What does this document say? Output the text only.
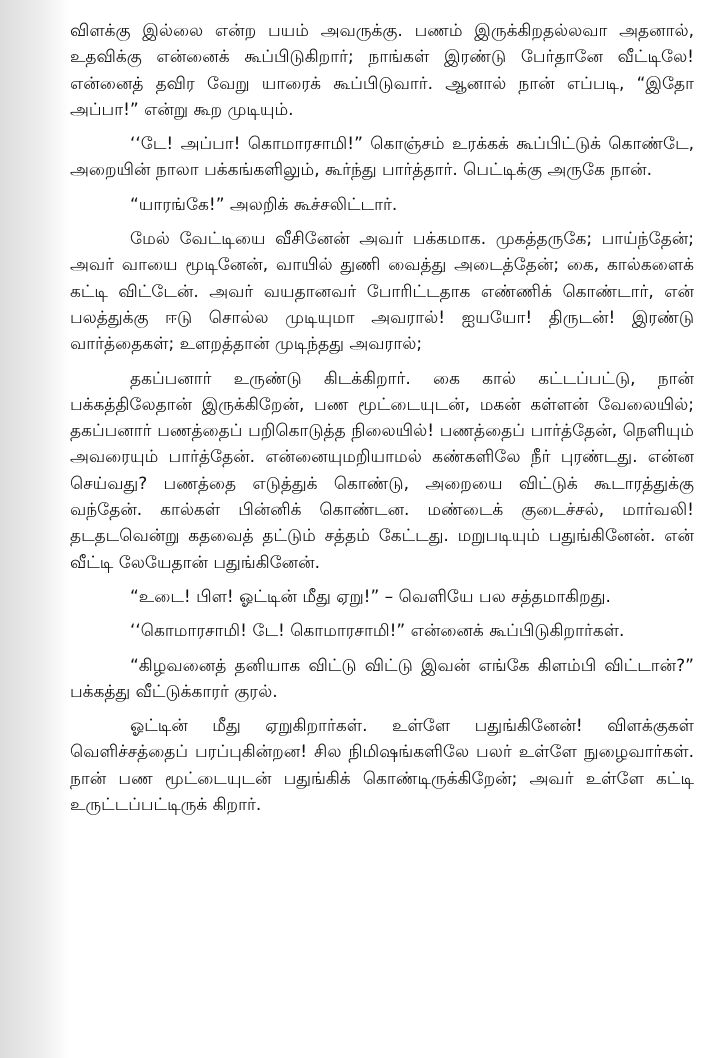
விளக்கு இல்லை என்ற பயம் அவருக்கு. பணம் இருக்கிறதல்லவா அதனால், உதவிக்கு என்னைக் கூப்பிடுகிறார்; நாங்கள் இரண்டு பேர்தானே வீட்டிலே! என்னைத் தவிர வேறு யாரைக் கூப்பிடுவார். ஆனால் நான் எப்படி, “இதோ அப்பா!” என்று கூற முடியும்.

‘‘டே! அப்பா! கொமாரசாமி!” கொஞ்சம் உரக்கக் கூப்பிட்டுக் கொண்டே, அறையின் நாலா பக்கங்களிலும், கூர்ந்து பார்த்தார். பெட்டிக்கு அருகே நான்.

“யாரங்கே!” அலறிக் கூச்சலிட்டார்.

மேல் வேட்டியை வீசினேன் அவர் பக்கமாக. முகத்தருகே; பாய்ந்தேன்; அவர் வாயை மூடினேன், வாயில் துணி வைத்து அடைத்தேன்; கை, கால்களைக் கட்டி விட்டேன். அவர் வயதானவர் போரிட்டதாக எண்ணிக் கொண்டார், என் பலத்துக்கு ஈடு சொல்ல முடியுமா அவரால்! ஐயயோ! திருடன்! இரண்டு வார்த்தைகள்; உளறத்தான் முடிந்தது அவரால்;

தகப்பனார் உருண்டு கிடக்கிறார். கை கால் கட்டப்பட்டு, நான் பக்கத்திலேதான் இருக்கிறேன், பண மூட்டையுடன், மகன் கள்ளன் வேலையில்; தகப்பனார் பணத்தைப் பறிகொடுத்த நிலையில்! பணத்தைப் பார்த்தேன், நெளியும் அவரையும் பார்த்தேன். என்னையுமறியாமல் கண்களிலே நீர் புரண்டது. என்ன செய்வது? பணத்தை எடுத்துக் கொண்டு, அறையை விட்டுக் கூடாரத்துக்கு வந்தேன். கால்கள் பின்னிக் கொண்டன. மண்டைக் குடைச்சல், மார்வலி! தடதடவென்று கதவைத் தட்டும் சத்தம் கேட்டது. மறுபடியும் பதுங்கினேன். என் வீட்டி லேயேதான் பதுங்கினேன்.

“உடை! பிள! ஓட்டின் மீது ஏறு!” – வெளியே பல சத்தமாகிறது.

‘‘கொமாரசாமி! டே! கொமாரசாமி!” என்னைக் கூப்பிடுகிறார்கள்.

“கிழவனைத் தனியாக விட்டு விட்டு இவன் எங்கே கிளம்பி விட்டான்?” பக்கத்து வீட்டுக்காரர் குரல்.

ஓட்டின் மீது ஏறுகிறார்கள். உள்ளே பதுங்கினேன்! விளக்குகள் வெளிச்சத்தைப் பரப்புகின்றன! சில நிமிஷங்களிலே பலர் உள்ளே நுழைவார்கள். நான் பண மூட்டையுடன் பதுங்கிக் கொண்டிருக்கிறேன்; அவர் உள்ளே கட்டி உருட்டப்பட்டிருக் கிறார்.
